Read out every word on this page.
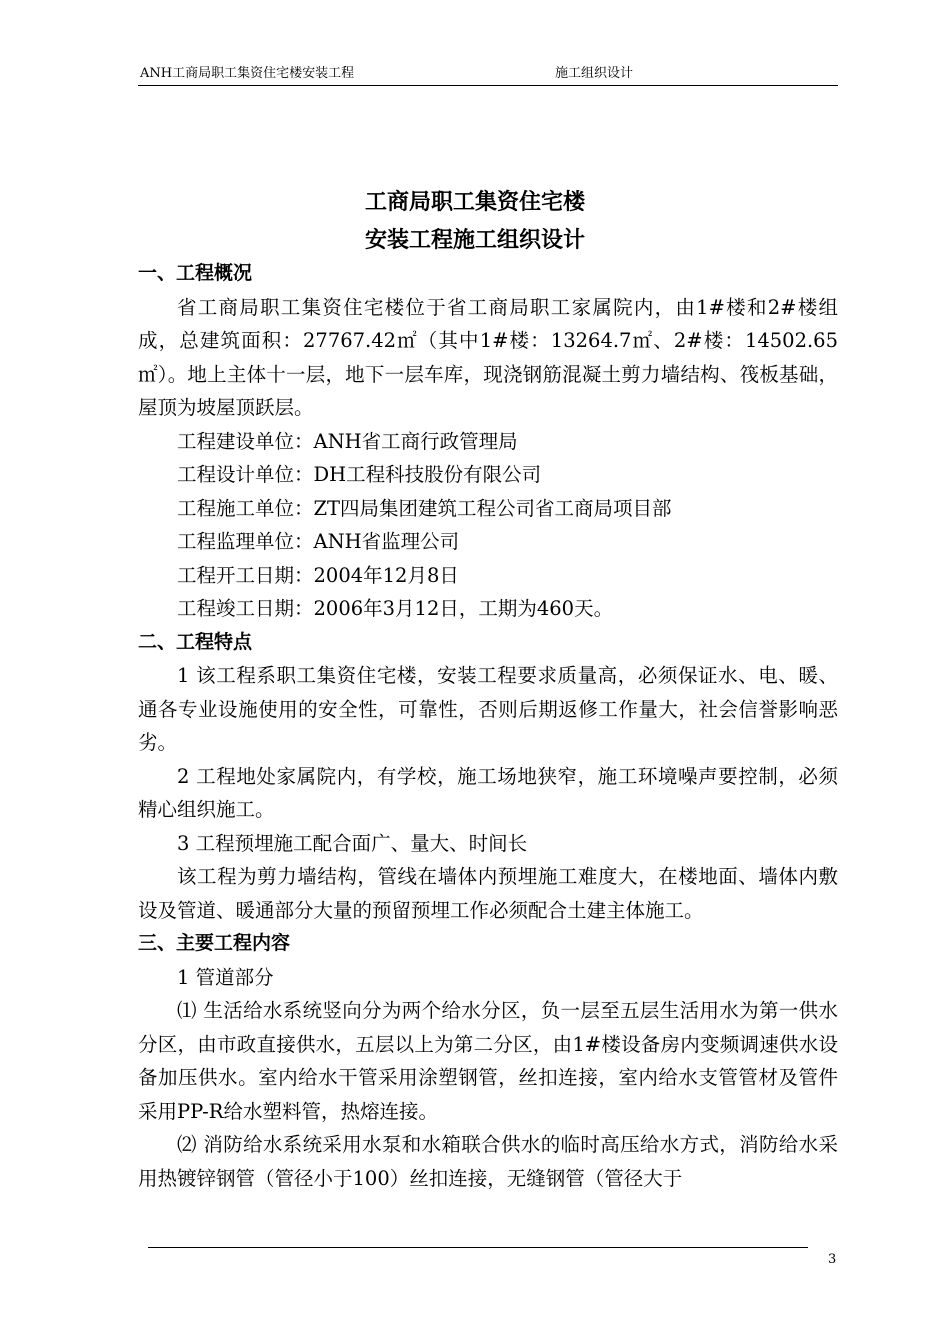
ANH工商局职工集资住宅楼安装工程	施工组织设计
工商局职工集资住宅楼
安装工程施工组织设计

一、工程概况

省工商局职工集资住宅楼位于省工商局职工家属院内，由1#楼和2#楼组成，总建筑面积：27767.42㎡（其中1#楼：13264.7㎡、2#楼：14502.65㎡）。地上主体十一层，地下一层车库，现浇钢筋混凝土剪力墙结构、筏板基础，屋顶为坡屋顶跃层。

工程建设单位：ANH省工商行政管理局

工程设计单位：DH工程科技股份有限公司

工程施工单位：ZT四局集团建筑工程公司省工商局项目部

工程监理单位：ANH省监理公司

工程开工日期：2004年12月8日

工程竣工日期：2006年3月12日，工期为460天。

二、工程特点

1 该工程系职工集资住宅楼，安装工程要求质量高，必须保证水、电、暖、通各专业设施使用的安全性，可靠性，否则后期返修工作量大，社会信誉影响恶劣。

2 工程地处家属院内，有学校，施工场地狭窄，施工环境噪声要控制，必须精心组织施工。

3 工程预埋施工配合面广、量大、时间长

该工程为剪力墙结构，管线在墙体内预埋施工难度大，在楼地面、墙体内敷设及管道、暖通部分大量的预留预埋工作必须配合土建主体施工。

三、主要工程内容

1 管道部分

⑴ 生活给水系统竖向分为两个给水分区，负一层至五层生活用水为第一供水分区，由市政直接供水，五层以上为第二分区，由1#楼设备房内变频调速供水设备加压供水。室内给水干管采用涂塑钢管，丝扣连接，室内给水支管管材及管件采用PP-R给水塑料管，热熔连接。

⑵ 消防给水系统采用水泵和水箱联合供水的临时高压给水方式，消防给水采用热镀锌钢管（管径小于100）丝扣连接，无缝钢管（管径大于

3
